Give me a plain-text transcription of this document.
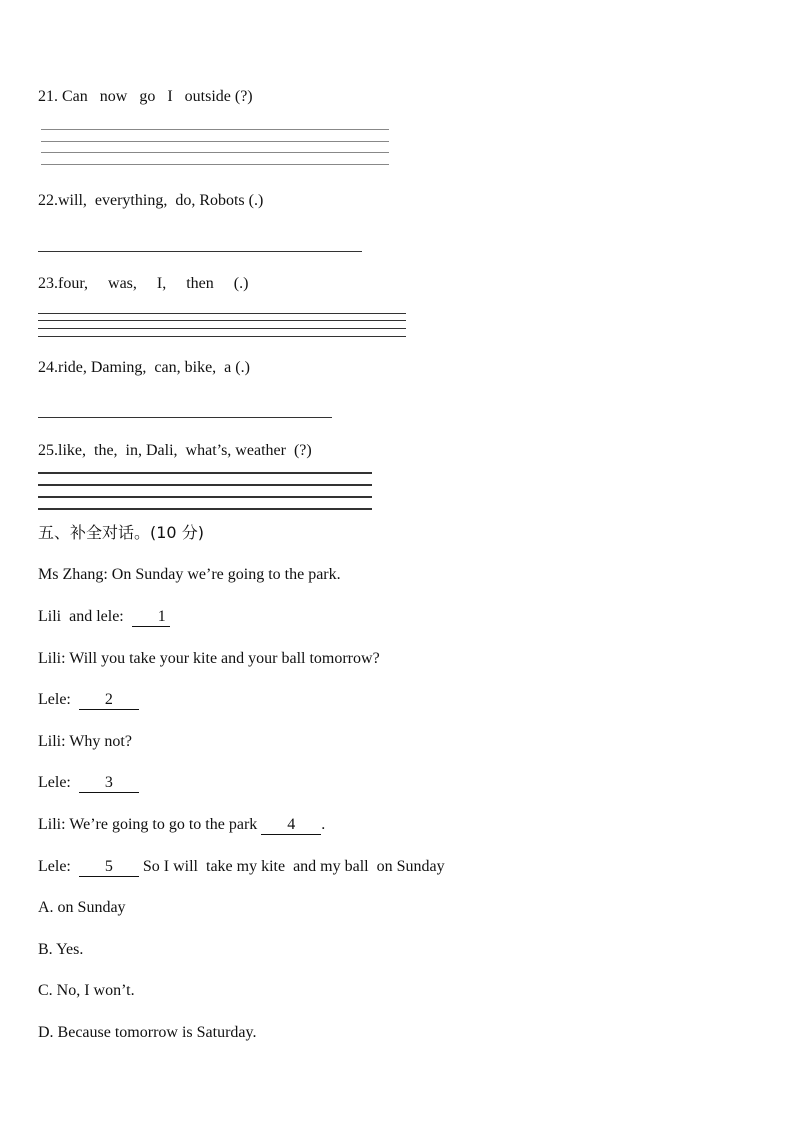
21. Can   now   go   I   outside (?)
22.will,  everything,  do, Robots (.)
23.four,     was,     I,     then     (.)
24.ride, Daming,  can, bike,  a (.)
25.like,  the,  in, Dali,  what’s, weather  (?)
五、补全对话。(10 分)
Ms Zhang: On Sunday we’re going to the park.
Lili  and lele: 1
Lili: Will you take your kite and your ball tomorrow?
Lele: 2
Lili: Why not?
Lele: 3
Lili: We’re going to go to the park 4 .
Lele: 5 So I will  take my kite  and my ball  on Sunday
A. on Sunday
B. Yes.
C. No, I won’t.
D. Because tomorrow is Saturday.
